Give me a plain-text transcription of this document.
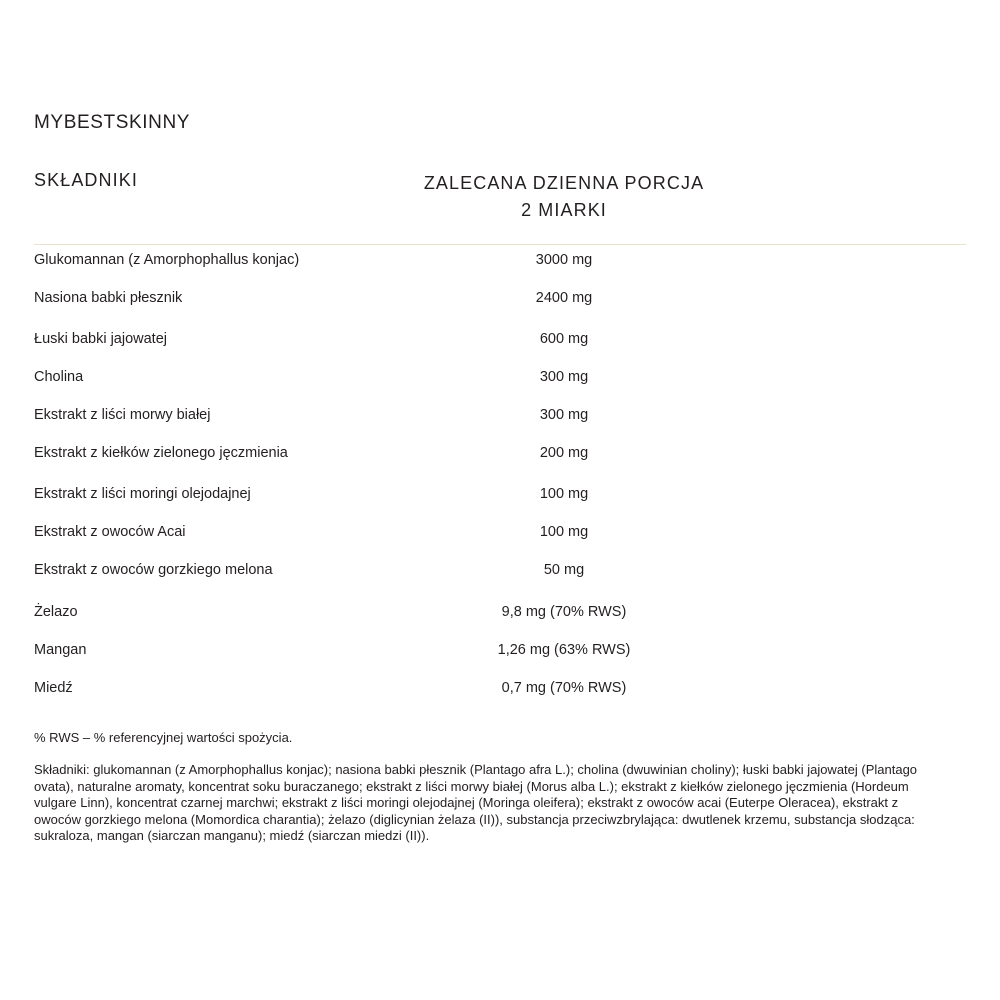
MYBESTSKINNY
SKŁADNIKI	ZALECANA DZIENNA PORCJA
2 MIARKI
Glukomannan (z Amorphophallus konjac)	3000 mg
Nasiona babki płesznik	2400 mg
Łuski babki jajowatej	600 mg
Cholina	300 mg
Ekstrakt z liści morwy białej	300 mg
Ekstrakt z kiełków zielonego jęczmienia	200 mg
Ekstrakt z liści moringi olejodajnej	100 mg
Ekstrakt z owoców Acai	100 mg
Ekstrakt z owoców gorzkiego melona	50 mg
Żelazo	9,8 mg (70% RWS)
Mangan	1,26 mg (63% RWS)
Miedź	0,7 mg (70% RWS)
% RWS – % referencyjnej wartości spożycia.
Składniki: glukomannan (z Amorphophallus konjac); nasiona babki płesznik (Plantago afra L.); cholina (dwuwinian choliny); łuski babki jajowatej (Plantago ovata), naturalne aromaty, koncentrat soku buraczanego; ekstrakt z liści morwy białej (Morus alba L.); ekstrakt z kiełków zielonego jęczmienia (Hordeum vulgare Linn), koncentrat czarnej marchwi; ekstrakt z liści moringi olejodajnej (Moringa oleifera); ekstrakt z owoców acai (Euterpe Oleracea), ekstrakt z owoców gorzkiego melona (Momordica charantia); żelazo (diglicynian żelaza (II)), substancja przeciwzbrylająca: dwutlenek krzemu, substancja słodząca: sukraloza, mangan (siarczan manganu); miedź (siarczan miedzi (II)).
